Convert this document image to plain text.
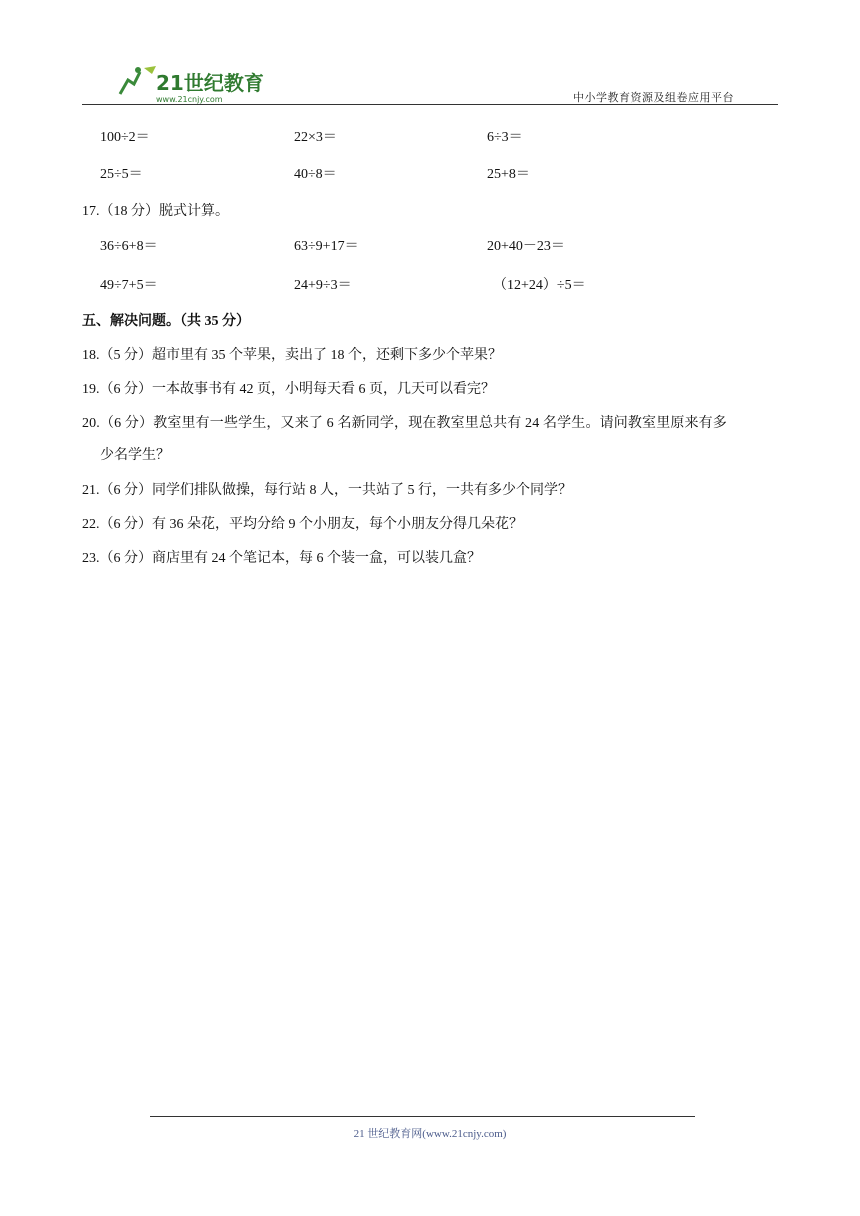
21世纪教育
www.21cnjy.com	中小学教育资源及组卷应用平台
100÷2＝	22×3＝	6÷3＝
25÷5＝	40÷8＝	25+8＝
17.（18 分）脱式计算。
36÷6+8＝	63÷9+17＝	20+40－23＝
49÷7+5＝	24+9÷3＝	（12+24）÷5＝
五、解决问题。（共 35 分）
18.（5 分）超市里有 35 个苹果，卖出了 18 个，还剩下多少个苹果？
19.（6 分）一本故事书有 42 页，小明每天看 6 页，几天可以看完？
20.（6 分）教室里有一些学生，又来了 6 名新同学，现在教室里总共有 24 名学生。请问教室里原来有多
少名学生？
21.（6 分）同学们排队做操，每行站 8 人，一共站了 5 行，一共有多少个同学？
22.（6 分）有 36 朵花，平均分给 9 个小朋友，每个小朋友分得几朵花？
23.（6 分）商店里有 24 个笔记本，每 6 个装一盒，可以装几盒？
21 世纪教育网(www.21cnjy.com)
